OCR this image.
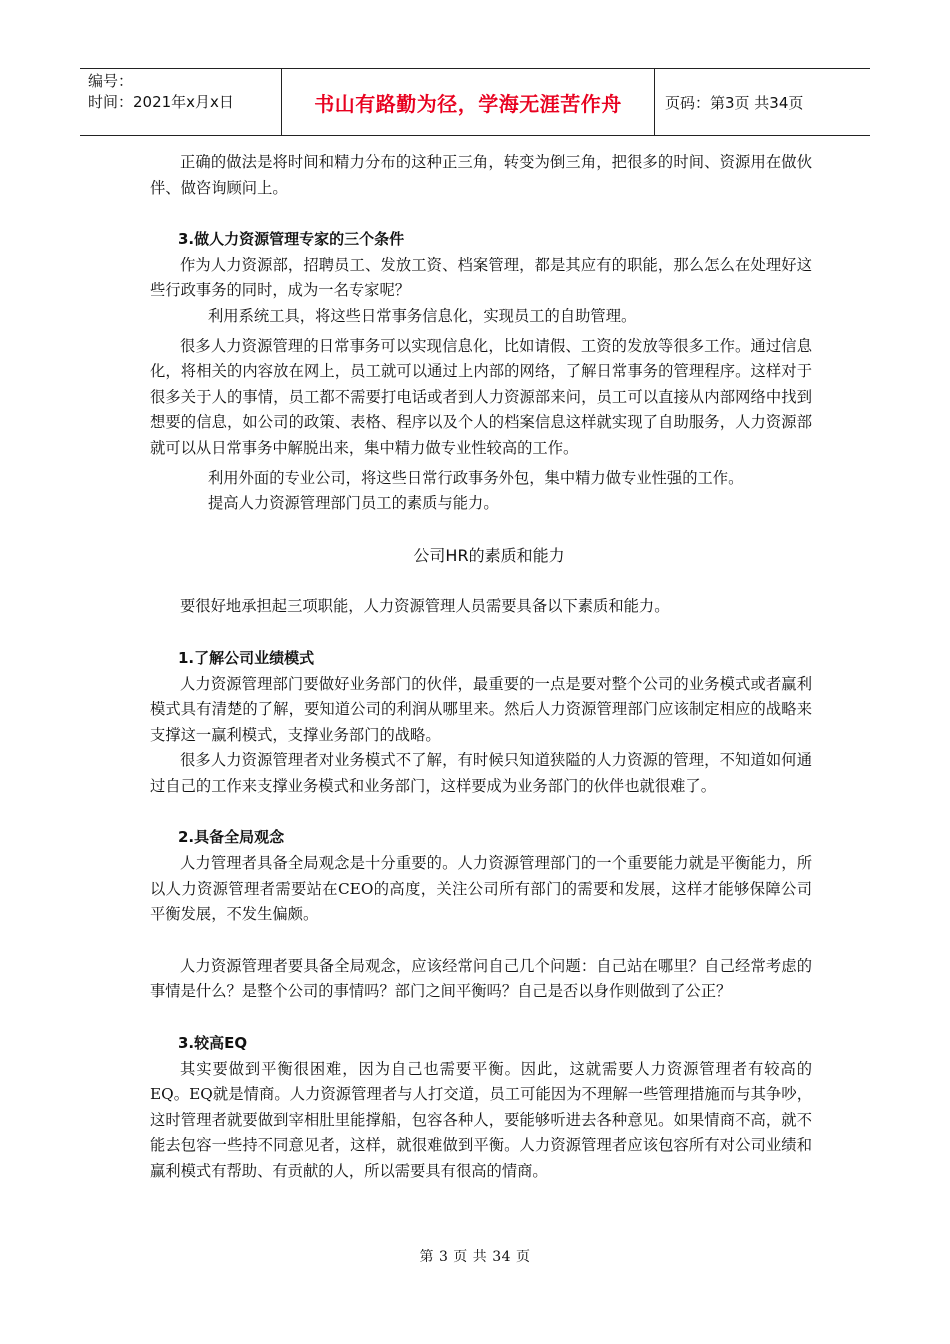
编号：
时间：2021年x月x日	书山有路勤为径，学海无涯苦作舟	页码：第3页 共34页

正确的做法是将时间和精力分布的这种正三角，转变为倒三角，把很多的时间、资源用在做伙伴、做咨询顾问上。

3.做人力资源管理专家的三个条件

作为人力资源部，招聘员工、发放工资、档案管理，都是其应有的职能，那么怎么在处理好这些行政事务的同时，成为一名专家呢？

利用系统工具，将这些日常事务信息化，实现员工的自助管理。

很多人力资源管理的日常事务可以实现信息化，比如请假、工资的发放等很多工作。通过信息化，将相关的内容放在网上，员工就可以通过上内部的网络，了解日常事务的管理程序。这样对于很多关于人的事情，员工都不需要打电话或者到人力资源部来问，员工可以直接从内部网络中找到想要的信息，如公司的政策、表格、程序以及个人的档案信息这样就实现了自助服务，人力资源部就可以从日常事务中解脱出来，集中精力做专业性较高的工作。

利用外面的专业公司，将这些日常行政事务外包，集中精力做专业性强的工作。

提高人力资源管理部门员工的素质与能力。

公司HR的素质和能力

要很好地承担起三项职能，人力资源管理人员需要具备以下素质和能力。

1.了解公司业绩模式

人力资源管理部门要做好业务部门的伙伴，最重要的一点是要对整个公司的业务模式或者赢利模式具有清楚的了解，要知道公司的利润从哪里来。然后人力资源管理部门应该制定相应的战略来支撑这一赢利模式，支撑业务部门的战略。

很多人力资源管理者对业务模式不了解，有时候只知道狭隘的人力资源的管理，不知道如何通过自己的工作来支撑业务模式和业务部门，这样要成为业务部门的伙伴也就很难了。

2.具备全局观念

人力管理者具备全局观念是十分重要的。人力资源管理部门的一个重要能力就是平衡能力，所以人力资源管理者需要站在CEO的高度，关注公司所有部门的需要和发展，这样才能够保障公司平衡发展，不发生偏颇。

人力资源管理者要具备全局观念，应该经常问自己几个问题：自己站在哪里？自己经常考虑的事情是什么？是整个公司的事情吗？部门之间平衡吗？自己是否以身作则做到了公正？

3.较高EQ

其实要做到平衡很困难，因为自己也需要平衡。因此，这就需要人力资源管理者有较高的EQ。EQ就是情商。人力资源管理者与人打交道，员工可能因为不理解一些管理措施而与其争吵，这时管理者就要做到宰相肚里能撑船，包容各种人，要能够听进去各种意见。如果情商不高，就不能去包容一些持不同意见者，这样，就很难做到平衡。人力资源管理者应该包容所有对公司业绩和赢利模式有帮助、有贡献的人，所以需要具有很高的情商。

第 3 页 共 34 页
